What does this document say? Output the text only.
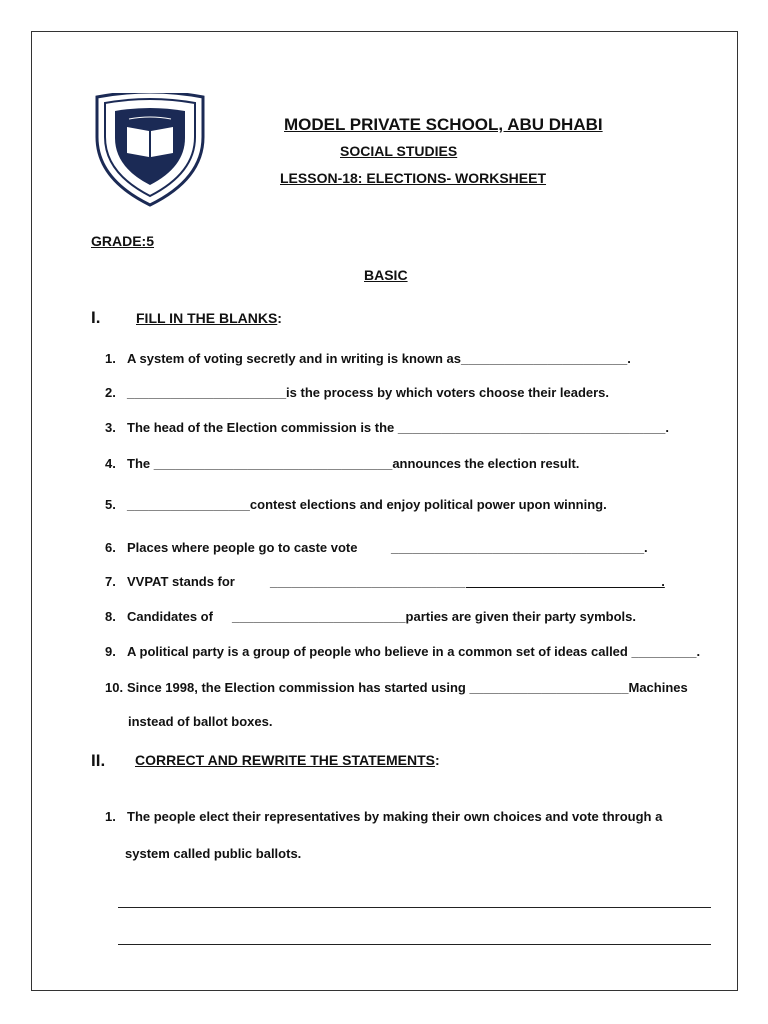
MODEL PRIVATE SCHOOL, ABU DHABI
SOCIAL STUDIES
LESSON-18: ELECTIONS- WORKSHEET
GRADE:5
BASIC
I.	FILL IN THE BLANKS:
1. A system of voting secretly and in writing is known as_______________________.
2. ______________________is the process by which voters choose their leaders.
3. The head of the Election commission is the _____________________________________.
4. The _________________________________announces the election result.
5. _________________contest elections and enjoy political power upon winning.
6. Places where people go to caste vote	___________________________________.
7. VVPAT stands for	___________________________ ___________________________.
8. Candidates of ________________________parties are given their party symbols.
9. A political party is a group of people who believe in a common set of ideas called _________.
10. Since 1998, the Election commission has started using ______________________Machines
instead of ballot boxes.
II. CORRECT AND REWRITE THE STATEMENTS:
1. The people elect their representatives by making their own choices and vote through a
system called public ballots.
